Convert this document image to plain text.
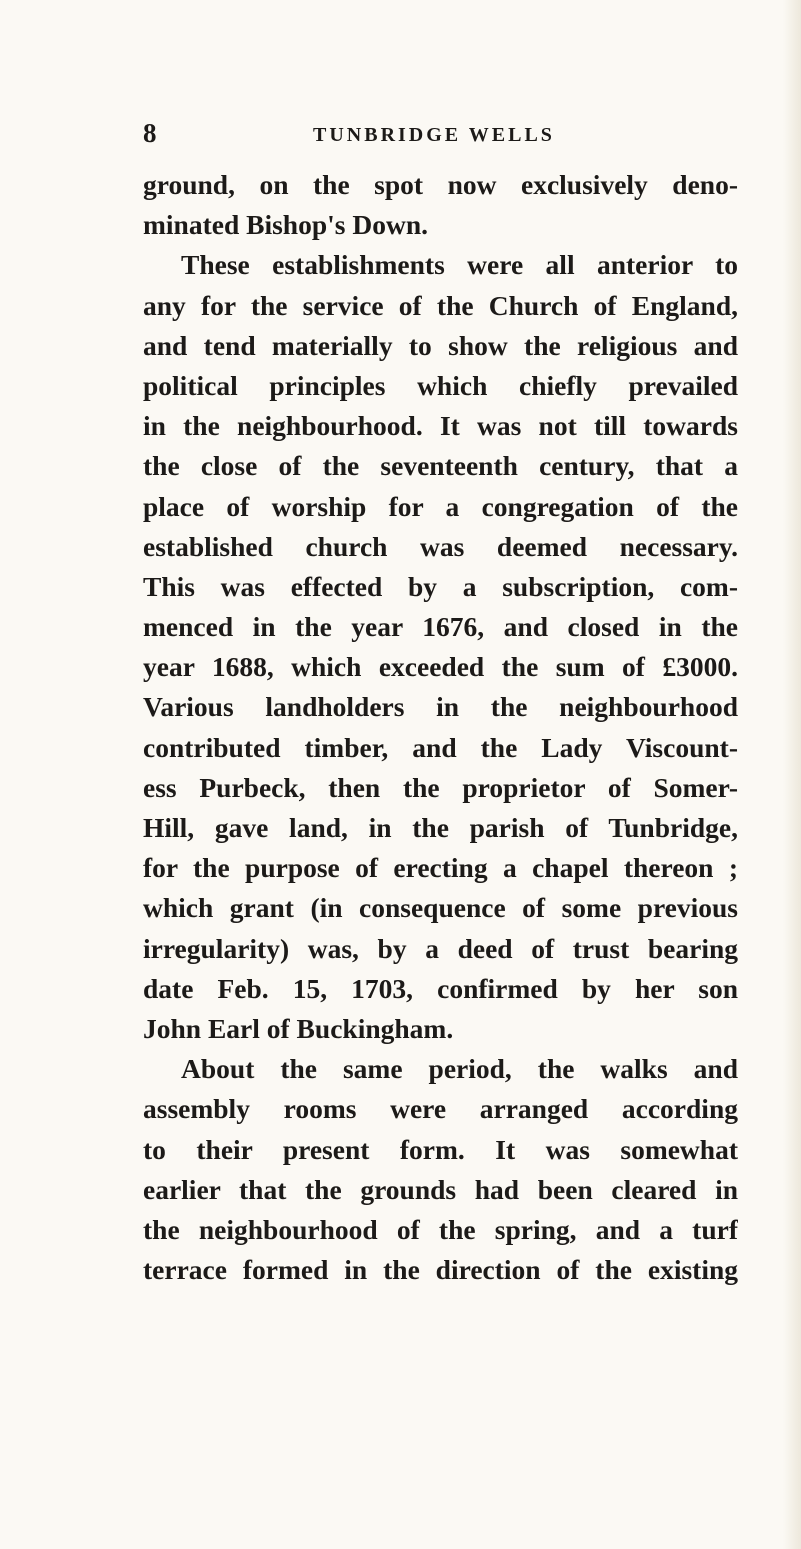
8	TUNBRIDGE WELLS
ground, on the spot now exclusively deno-
minated Bishop's Down.
These establishments were all anterior to
any for the service of the Church of England,
and tend materially to show the religious and
political principles which chiefly prevailed
in the neighbourhood. It was not till towards
the close of the seventeenth century, that a
place of worship for a congregation of the
established church was deemed necessary.
This was effected by a subscription, com-
menced in the year 1676, and closed in the
year 1688, which exceeded the sum of £3000.
Various landholders in the neighbourhood
contributed timber, and the Lady Viscount-
ess Purbeck, then the proprietor of Somer-
Hill, gave land, in the parish of Tunbridge,
for the purpose of erecting a chapel thereon ;
which grant (in consequence of some previous
irregularity) was, by a deed of trust bearing
date Feb. 15, 1703, confirmed by her son
John Earl of Buckingham.
About the same period, the walks and
assembly rooms were arranged according
to their present form. It was somewhat
earlier that the grounds had been cleared in
the neighbourhood of the spring, and a turf
terrace formed in the direction of the existing
